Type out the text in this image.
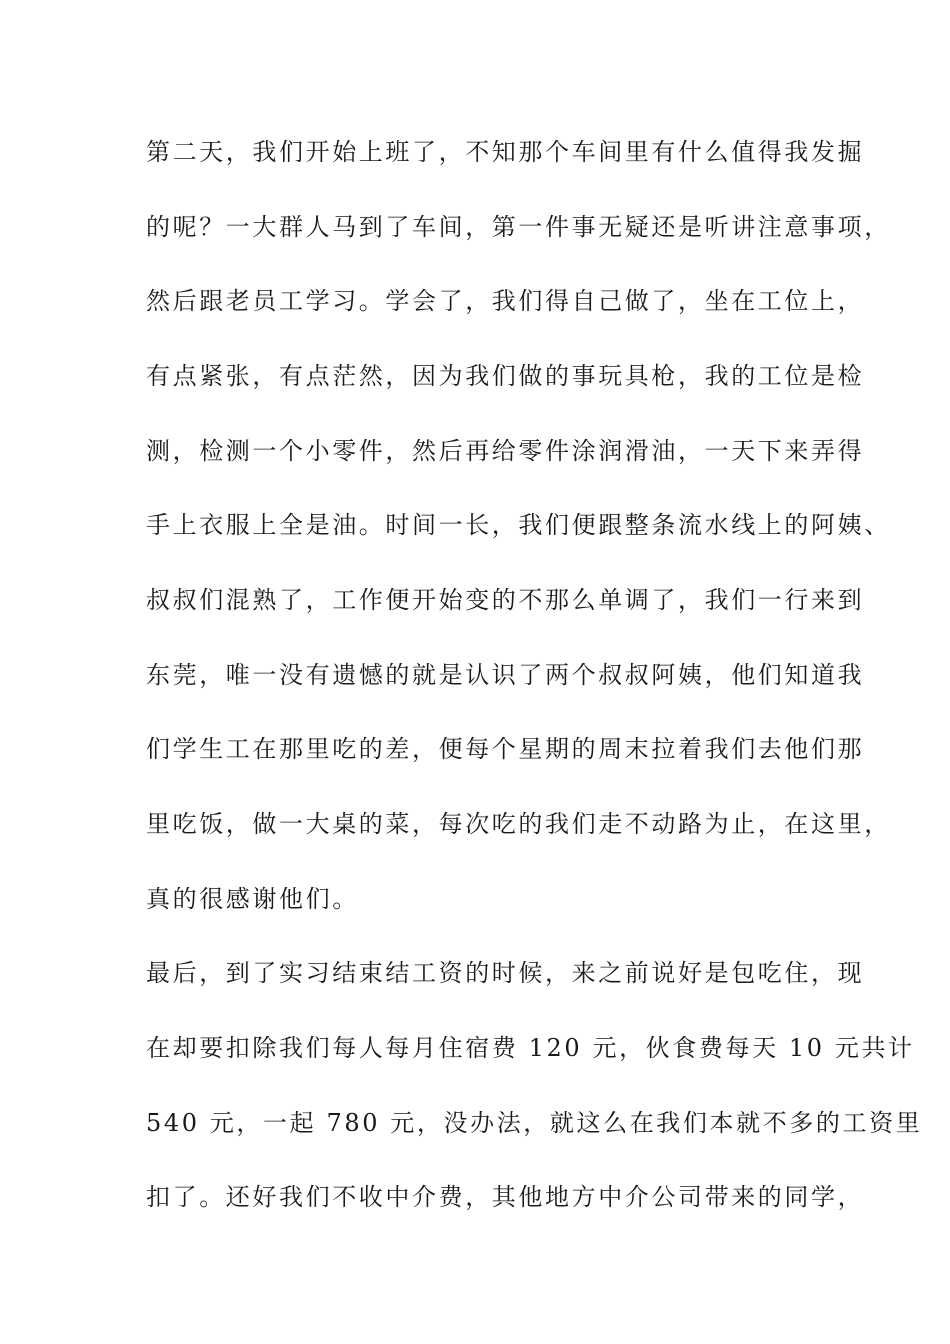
第二天，我们开始上班了，不知那个车间里有什么值得我发掘
的呢？一大群人马到了车间，第一件事无疑还是听讲注意事项，
然后跟老员工学习。学会了，我们得自己做了，坐在工位上，
有点紧张，有点茫然，因为我们做的事玩具枪，我的工位是检
测，检测一个小零件，然后再给零件涂润滑油，一天下来弄得
手上衣服上全是油。时间一长，我们便跟整条流水线上的阿姨、
叔叔们混熟了，工作便开始变的不那么单调了，我们一行来到
东莞，唯一没有遗憾的就是认识了两个叔叔阿姨，他们知道我
们学生工在那里吃的差，便每个星期的周末拉着我们去他们那
里吃饭，做一大桌的菜，每次吃的我们走不动路为止，在这里，
真的很感谢他们。
最后，到了实习结束结工资的时候，来之前说好是包吃住，现
在却要扣除我们每人每月住宿费 120 元，伙食费每天 10 元共计
540 元，一起 780 元，没办法，就这么在我们本就不多的工资里
扣了。还好我们不收中介费，其他地方中介公司带来的同学，
